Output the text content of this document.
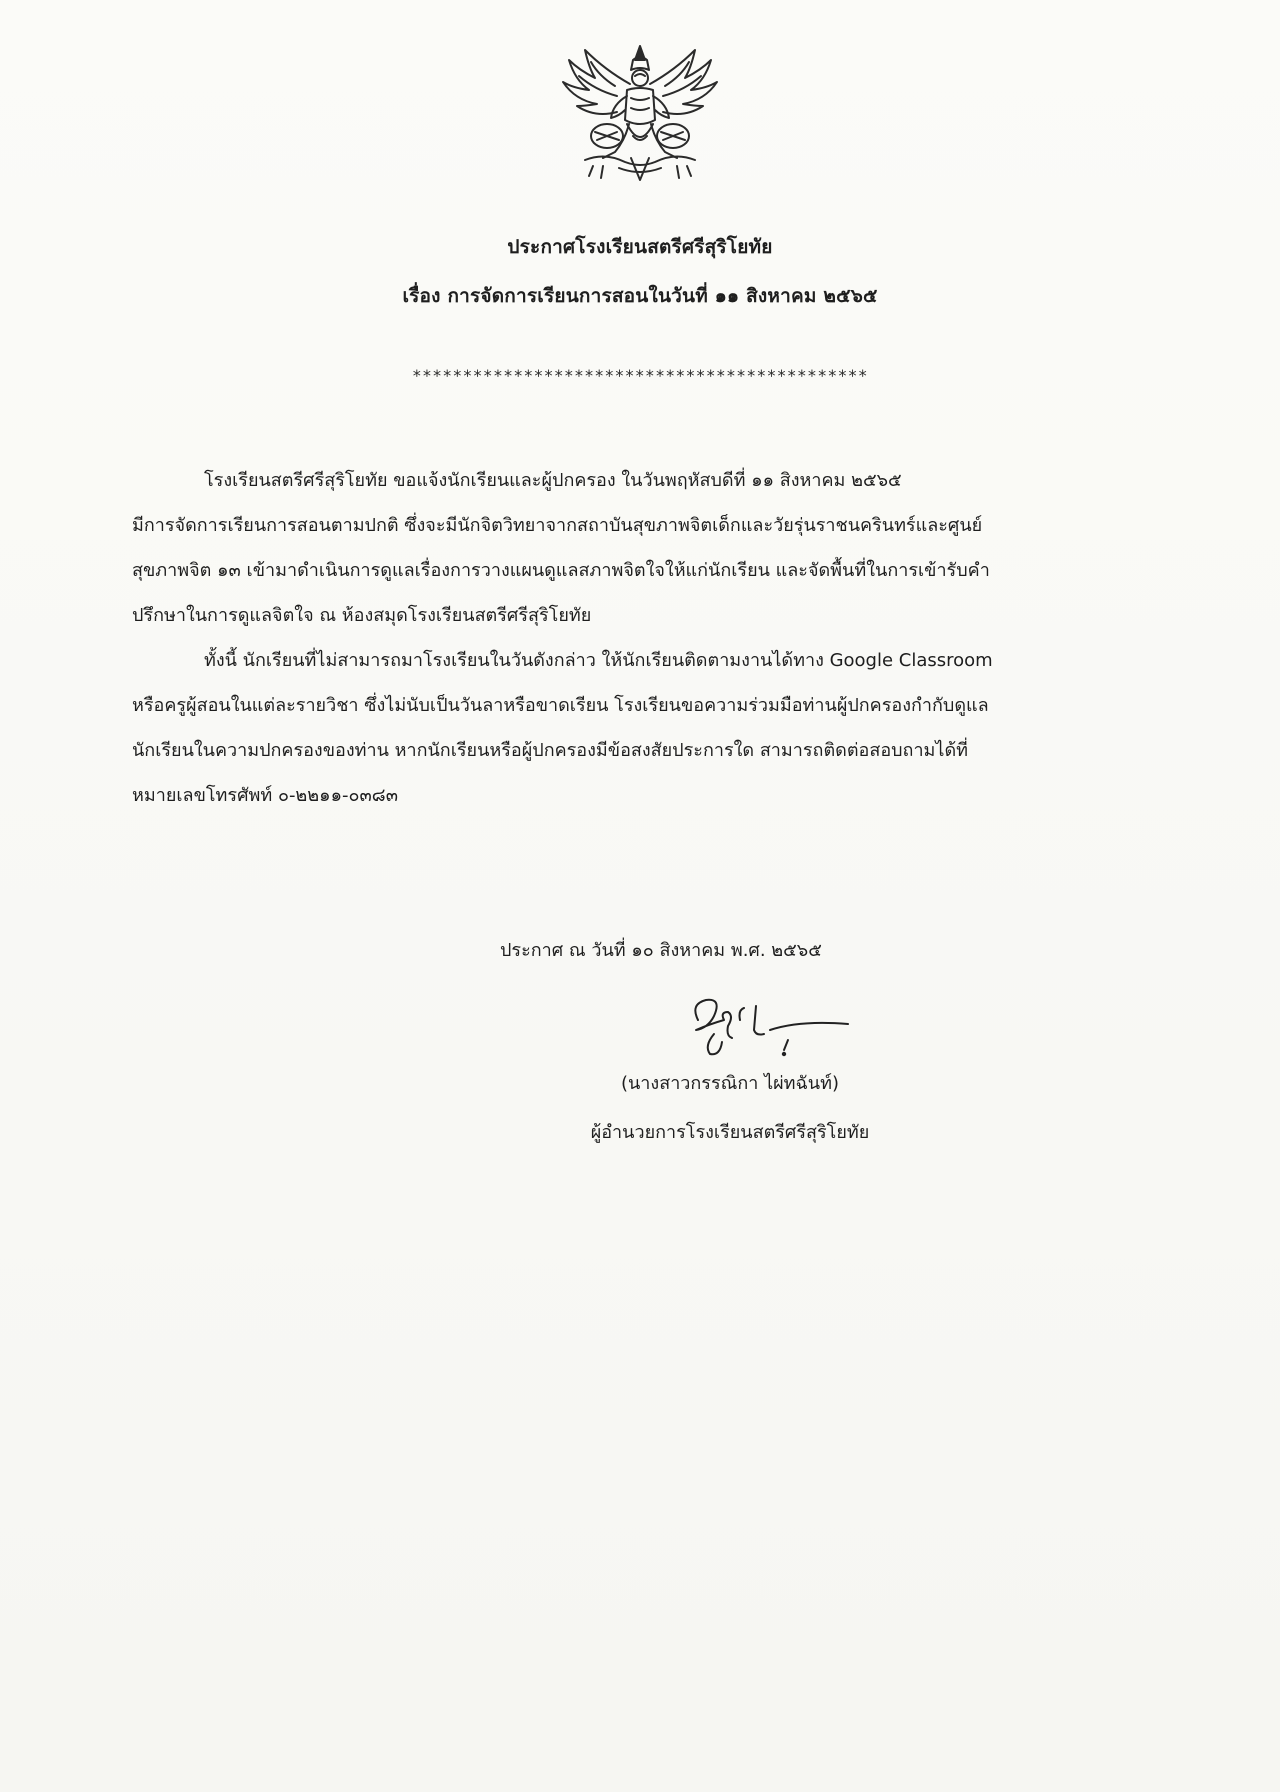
ประกาศโรงเรียนสตรีศรีสุริโยทัย
เรื่อง การจัดการเรียนการสอนในวันที่ ๑๑ สิงหาคม ๒๕๖๕
*********************************************
โรงเรียนสตรีศรีสุริโยทัย ขอแจ้งนักเรียนและผู้ปกครอง ในวันพฤหัสบดีที่ ๑๑ สิงหาคม ๒๕๖๕
มีการจัดการเรียนการสอนตามปกติ ซึ่งจะมีนักจิตวิทยาจากสถาบันสุขภาพจิตเด็กและวัยรุ่นราชนครินทร์และศูนย์
สุขภาพจิต ๑๓ เข้ามาดำเนินการดูแลเรื่องการวางแผนดูแลสภาพจิตใจให้แก่นักเรียน และจัดพื้นที่ในการเข้ารับคำ
ปรึกษาในการดูแลจิตใจ ณ ห้องสมุดโรงเรียนสตรีศรีสุริโยทัย
ทั้งนี้ นักเรียนที่ไม่สามารถมาโรงเรียนในวันดังกล่าว ให้นักเรียนติดตามงานได้ทาง Google Classroom
หรือครูผู้สอนในแต่ละรายวิชา ซึ่งไม่นับเป็นวันลาหรือขาดเรียน โรงเรียนขอความร่วมมือท่านผู้ปกครองกำกับดูแล
นักเรียนในความปกครองของท่าน หากนักเรียนหรือผู้ปกครองมีข้อสงสัยประการใด สามารถติดต่อสอบถามได้ที่
หมายเลขโทรศัพท์ ๐-๒๒๑๑-๐๓๘๓
ประกาศ ณ วันที่ ๑๐ สิงหาคม พ.ศ. ๒๕๖๕
(นางสาวกรรณิกา ไผ่ทฉันท์)
ผู้อำนวยการโรงเรียนสตรีศรีสุริโยทัย
